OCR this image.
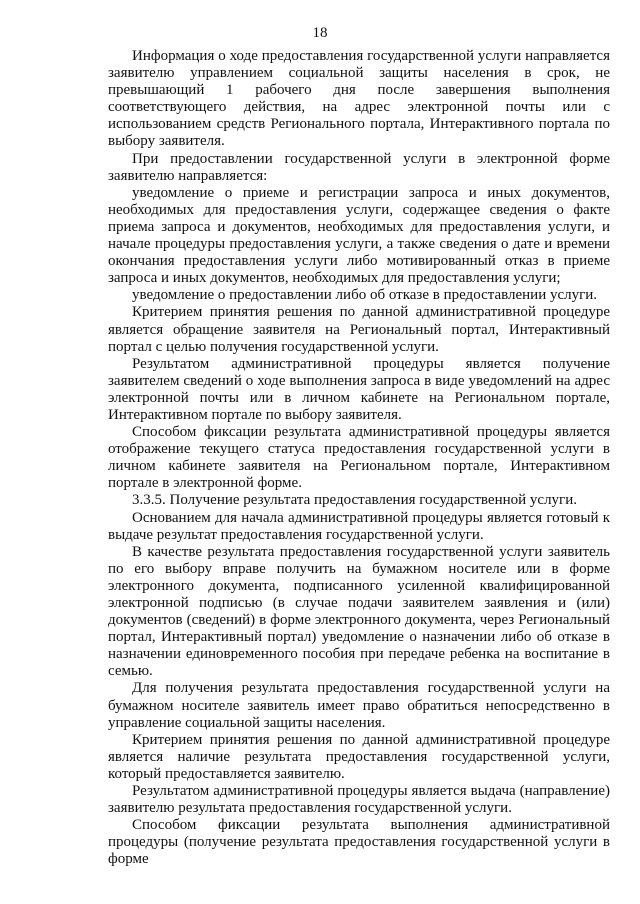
18

Информация о ходе предоставления государственной услуги направляется заявителю управлением социальной защиты населения в срок, не превышающий 1 рабочего дня после завершения выполнения соответствующего действия, на адрес электронной почты или с использованием средств Регионального портала, Интерактивного портала по выбору заявителя.

При предоставлении государственной услуги в электронной форме заявителю направляется:

уведомление о приеме и регистрации запроса и иных документов, необходимых для предоставления услуги, содержащее сведения о факте приема запроса и документов, необходимых для предоставления услуги, и начале процедуры предоставления услуги, а также сведения о дате и времени окончания предоставления услуги либо мотивированный отказ в приеме запроса и иных документов, необходимых для предоставления услуги;

уведомление о предоставлении либо об отказе в предоставлении услуги.

Критерием принятия решения по данной административной процедуре является обращение заявителя на Региональный портал, Интерактивный портал с целью получения государственной услуги.

Результатом административной процедуры является получение заявителем сведений о ходе выполнения запроса в виде уведомлений на адрес электронной почты или в личном кабинете на Региональном портале, Интерактивном портале по выбору заявителя.

Способом фиксации результата административной процедуры является отображение текущего статуса предоставления государственной услуги в личном кабинете заявителя на Региональном портале, Интерактивном портале в электронной форме.

3.3.5. Получение результата предоставления государственной услуги.

Основанием для начала административной процедуры является готовый к выдаче результат предоставления государственной услуги.

В качестве результата предоставления государственной услуги заявитель по его выбору вправе получить на бумажном носителе или в форме электронного документа, подписанного усиленной квалифицированной электронной подписью (в случае подачи заявителем заявления и (или) документов (сведений) в форме электронного документа, через Региональный портал, Интерактивный портал) уведомление о назначении либо об отказе в назначении единовременного пособия при передаче ребенка на воспитание в семью.

Для получения результата предоставления государственной услуги на бумажном носителе заявитель имеет право обратиться непосредственно в управление социальной защиты населения.

Критерием принятия решения по данной административной процедуре является наличие результата предоставления государственной услуги, который предоставляется заявителю.

Результатом административной процедуры является выдача (направление) заявителю результата предоставления государственной услуги.

Способом фиксации результата выполнения административной процедуры (получение результата предоставления государственной услуги в форме
